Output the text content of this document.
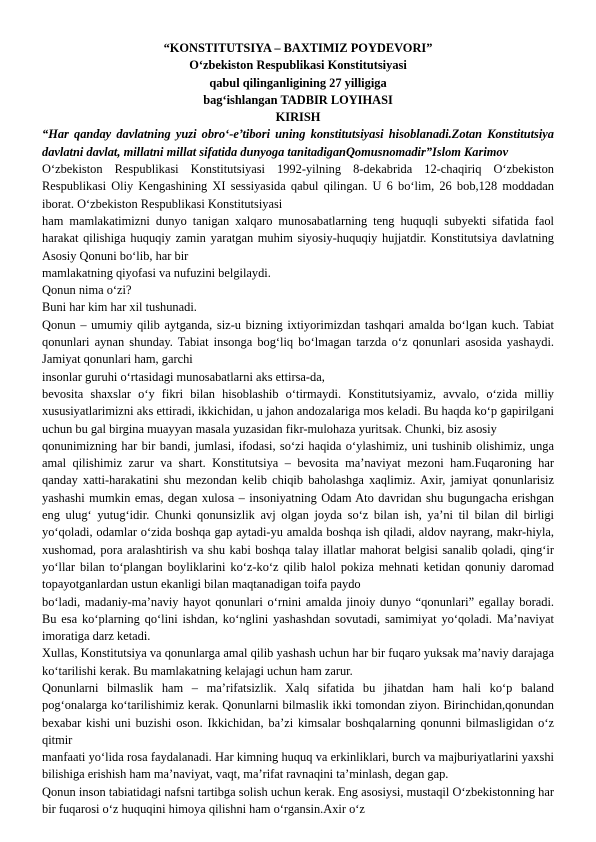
“KONSTITUTSIYA – BAXTIMIZ POYDEVORI”
O‘zbekiston Respublikasi Konstitutsiyasi
qabul qilinganligining 27 yilligiga
bag‘ishlangan TADBIR LOYIHASI
KIRISH

“Har qanday davlatning yuzi obro‘-e’tibori uning konstitutsiyasi hisoblanadi.Zotan Konstitutsiya davlatni davlat, millatni millat sifatida dunyoga tanitadiganQomusnomadir”Islom Karimov

O‘zbekiston Respublikasi Konstitutsiyasi 1992-yilning 8-dekabrida 12-chaqiriq O‘zbekiston Respublikasi Oliy Kengashining XI sessiyasida qabul qilingan. U 6 bo‘lim, 26 bob,128 moddadan iborat. O‘zbekiston Respublikasi Konstitutsiyasi

ham mamlakatimizni dunyo tanigan xalqaro munosabatlarning teng huquqli subyekti sifatida faol harakat qilishiga huquqiy zamin yaratgan muhim siyosiy-huquqiy hujjatdir. Konstitutsiya davlatning Asosiy Qonuni bo‘lib, har bir

mamlakatning qiyofasi va nufuzini belgilaydi.

Qonun nima o‘zi?

Buni har kim har xil tushunadi.

Qonun – umumiy qilib aytganda, siz-u bizning ixtiyorimizdan tashqari amalda bo‘lgan kuch. Tabiat qonunlari aynan shunday. Tabiat insonga bog‘liq bo‘lmagan tarzda o‘z qonunlari asosida yashaydi. Jamiyat qonunlari ham, garchi

insonlar guruhi o‘rtasidagi munosabatlarni aks ettirsa-da,

bevosita shaxslar o‘y fikri bilan hisoblashib o‘tirmaydi. Konstitutsiyamiz, avvalo, o‘zida milliy xususiyatlarimizni aks ettiradi, ikkichidan, u jahon andozalariga mos keladi. Bu haqda ko‘p gapirilgani uchun bu gal birgina muayyan masala yuzasidan fikr-mulohaza yuritsak. Chunki, biz asosiy

qonunimizning har bir bandi, jumlasi, ifodasi, so‘zi haqida o‘ylashimiz, uni tushinib olishimiz, unga amal qilishimiz zarur va shart. Konstitutsiya – bevosita ma’naviyat mezoni ham.Fuqaroning har qanday xatti-harakatini shu mezondan kelib chiqib baholashga xaqlimiz. Axir, jamiyat qonunlarisiz yashashi mumkin emas, degan xulosa – insoniyatning Odam Ato davridan shu bugungacha erishgan eng ulug‘ yutug‘idir. Chunki qonunsizlik avj olgan joyda so‘z bilan ish, ya’ni til bilan dil birligi yo‘qoladi, odamlar o‘zida boshqa gap aytadi-yu amalda boshqa ish qiladi, aldov nayrang, makr-hiyla, xushomad, pora aralashtirish va shu kabi boshqa talay illatlar mahorat belgisi sanalib qoladi, qing‘ir yo‘llar bilan to‘plangan boyliklarini ko‘z-ko‘z qilib halol pokiza mehnati ketidan qonuniy daromad topayotganlardan ustun ekanligi bilan maqtanadigan toifa paydo

bo‘ladi, madaniy-ma’naviy hayot qonunlari o‘rnini amalda jinoiy dunyo “qonunlari” egallay boradi. Bu esa ko‘plarning qo‘lini ishdan, ko‘nglini yashashdan sovutadi, samimiyat yo‘qoladi. Ma’naviyat imoratiga darz ketadi.

Xullas, Konstitutsiya va qonunlarga amal qilib yashash uchun har bir fuqaro yuksak ma’naviy darajaga ko‘tarilishi kerak. Bu mamlakatning kelajagi uchun ham zarur.

Qonunlarni bilmaslik ham – ma’rifatsizlik. Xalq sifatida bu jihatdan ham hali ko‘p baland pog‘onalarga ko‘tarilishimiz kerak. Qonunlarni bilmaslik ikki tomondan ziyon. Birinchidan,qonundan bexabar kishi uni buzishi oson. Ikkichidan, ba’zi kimsalar boshqalarning qonunni bilmasligidan o‘z qitmir

manfaati yo‘lida rosa faydalanadi. Har kimning huquq va erkinliklari, burch va majburiyatlarini yaxshi bilishiga erishish ham ma’naviyat, vaqt, ma’rifat ravnaqini ta’minlash, degan gap.

Qonun inson tabiatidagi nafsni tartibga solish uchun kerak. Eng asosiysi, mustaqil O‘zbekistonning har bir fuqarosi o‘z huquqini himoya qilishni ham o‘rgansin.Axir o‘z
